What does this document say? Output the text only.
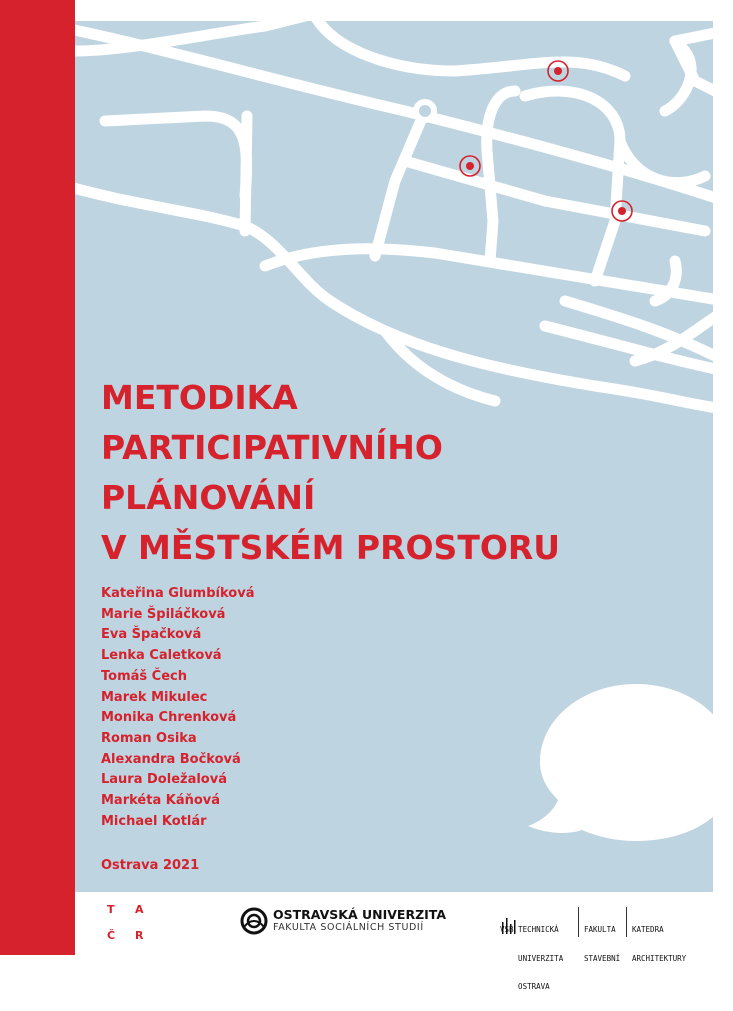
METODIKA
PARTICIPATIVNÍHO
PLÁNOVÁNÍ
V MĚSTSKÉM PROSTORU
Kateřina Glumbíková
Marie Špiláčková
Eva Špačková
Lenka Caletková
Tomáš Čech
Marek Mikulec
Monika Chrenková
Roman Osika
Alexandra Bočková
Laura Doležalová
Markéta Káňová
Michael Kotlár
Ostrava 2021
T A
Č R
OSTRAVSKÁ UNIVERZITA
FAKULTA SOCIÁLNÍCH STUDIÍ

	VŠB TECHNICKÁ

UNIVERZITA

OSTRAVA

FAKULTA

STAVEBNÍ

KATEDRA

ARCHITEKTURY
